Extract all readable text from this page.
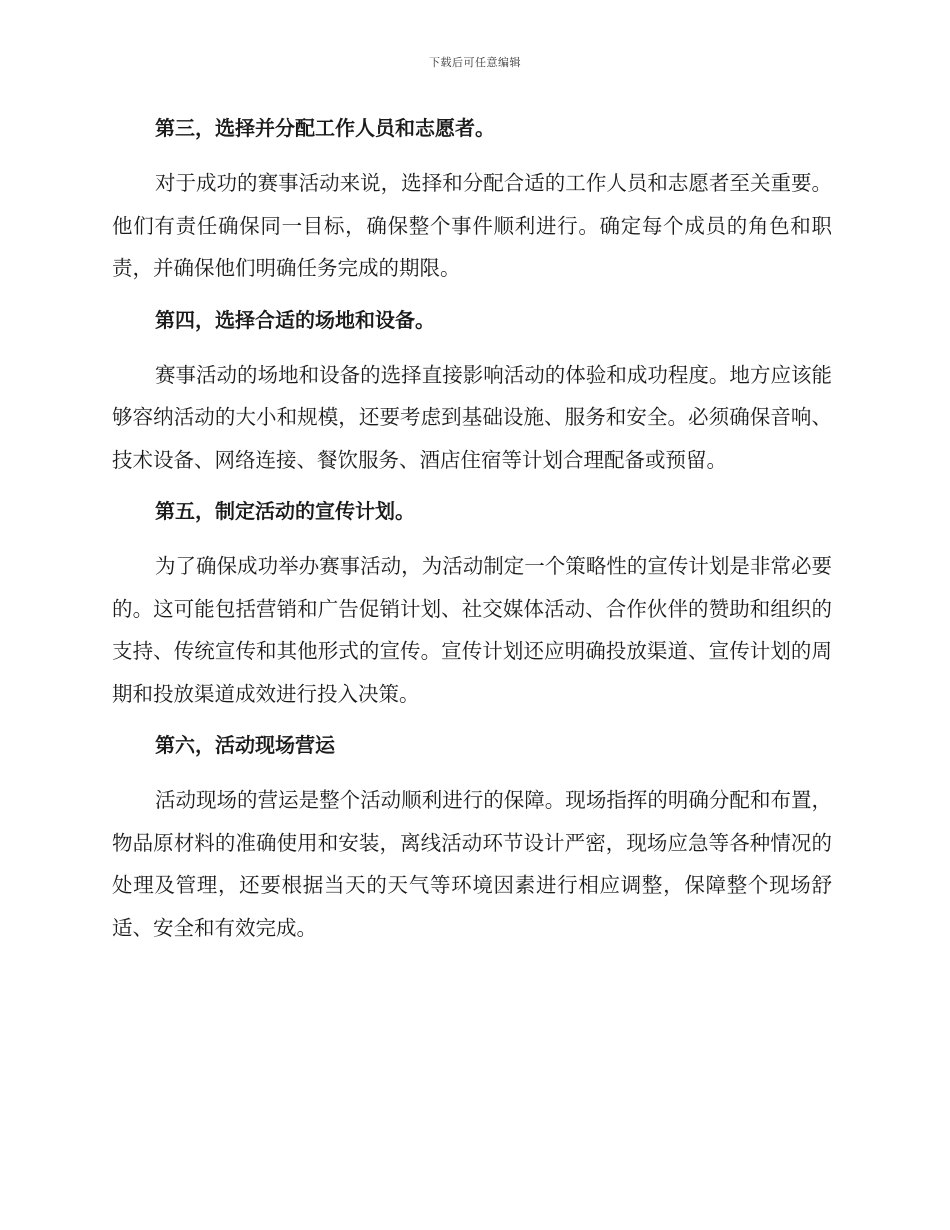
下载后可任意编辑
第三，选择并分配工作人员和志愿者。

对于成功的赛事活动来说，选择和分配合适的工作人员和志愿者至关重要。他们有责任确保同一目标，确保整个事件顺利进行。确定每个成员的角色和职责，并确保他们明确任务完成的期限。

第四，选择合适的场地和设备。

赛事活动的场地和设备的选择直接影响活动的体验和成功程度。地方应该能够容纳活动的大小和规模，还要考虑到基础设施、服务和安全。必须确保音响、技术设备、网络连接、餐饮服务、酒店住宿等计划合理配备或预留。

第五，制定活动的宣传计划。

为了确保成功举办赛事活动，为活动制定一个策略性的宣传计划是非常必要的。这可能包括营销和广告促销计划、社交媒体活动、合作伙伴的赞助和组织的支持、传统宣传和其他形式的宣传。宣传计划还应明确投放渠道、宣传计划的周期和投放渠道成效进行投入决策。

第六，活动现场营运

活动现场的营运是整个活动顺利进行的保障。现场指挥的明确分配和布置，物品原材料的准确使用和安装，离线活动环节设计严密，现场应急等各种情况的处理及管理，还要根据当天的天气等环境因素进行相应调整，保障整个现场舒适、安全和有效完成。
